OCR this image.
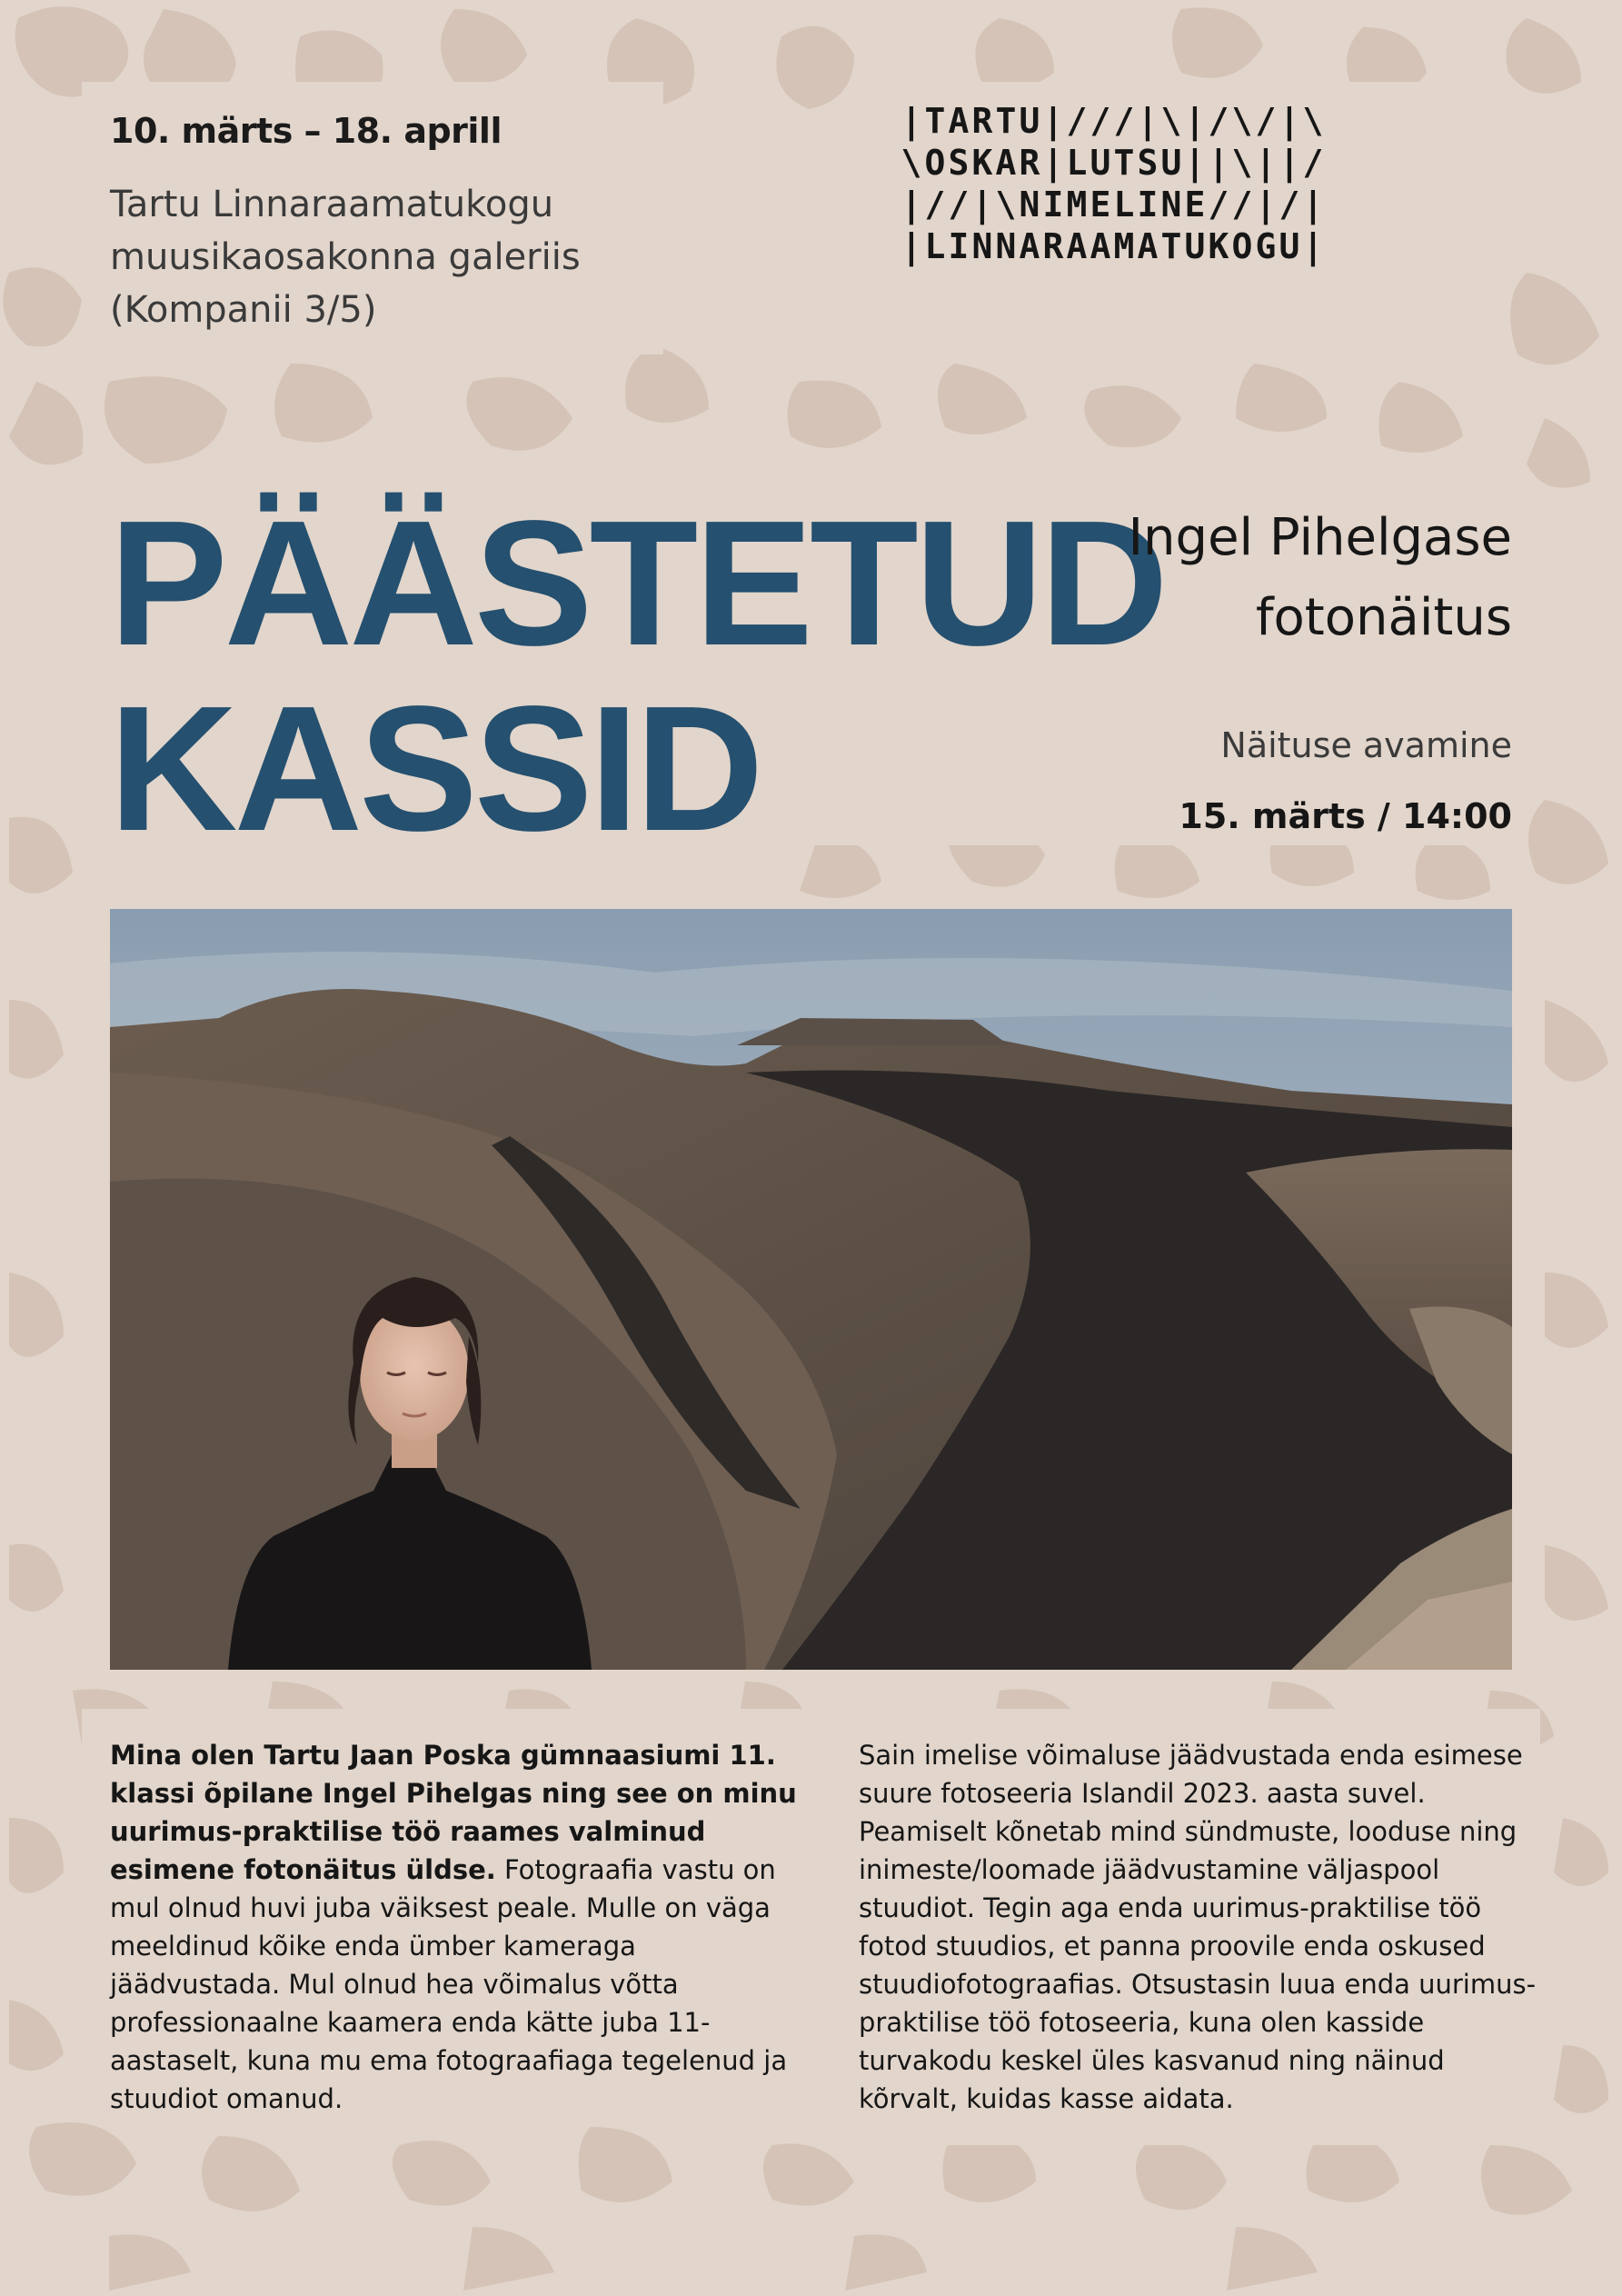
10. märts – 18. aprill

Tartu Linnaraamatukogu
muusikaosakonna galeriis
(Kompanii 3/5)
| T A R T U | / / / | \ | / \ / | \
\ O S K A R | L U T S U | | \ | | /
| / / | \ N I M E L I N E / / | / |
| L I N N A R A A M A T U K O G U |
PÄÄSTETUD
KASSID
Ingel Pihelgase
fotonäitus
Näituse avamine
15. märts / 14:00
Mina olen Tartu Jaan Poska gümnaasiumi 11. klassi õpilane Ingel Pihelgas ning see on minu uurimus-praktilise töö raames valminud esimene fotonäitus üldse. Fotograafia vastu on mul olnud huvi juba väiksest peale. Mulle on väga meeldinud kõike enda ümber kameraga jäädvustada. Mul olnud hea võimalus võtta professionaalne kaamera enda kätte juba 11-aastaselt, kuna mu ema fotograafiaga tegelenud ja stuudiot omanud.
Sain imelise võimaluse jäädvustada enda esimese suure fotoseeria Islandil 2023. aasta suvel. Peamiselt kõnetab mind sündmuste, looduse ning inimeste/loomade jäädvustamine väljaspool stuudiot. Tegin aga enda uurimus-praktilise töö fotod stuudios, et panna proovile enda oskused stuudiofotograafias. Otsustasin luua enda uurimus-praktilise töö fotoseeria, kuna olen kasside turvakodu keskel üles kasvanud ning näinud kõrvalt, kuidas kasse aidata.
